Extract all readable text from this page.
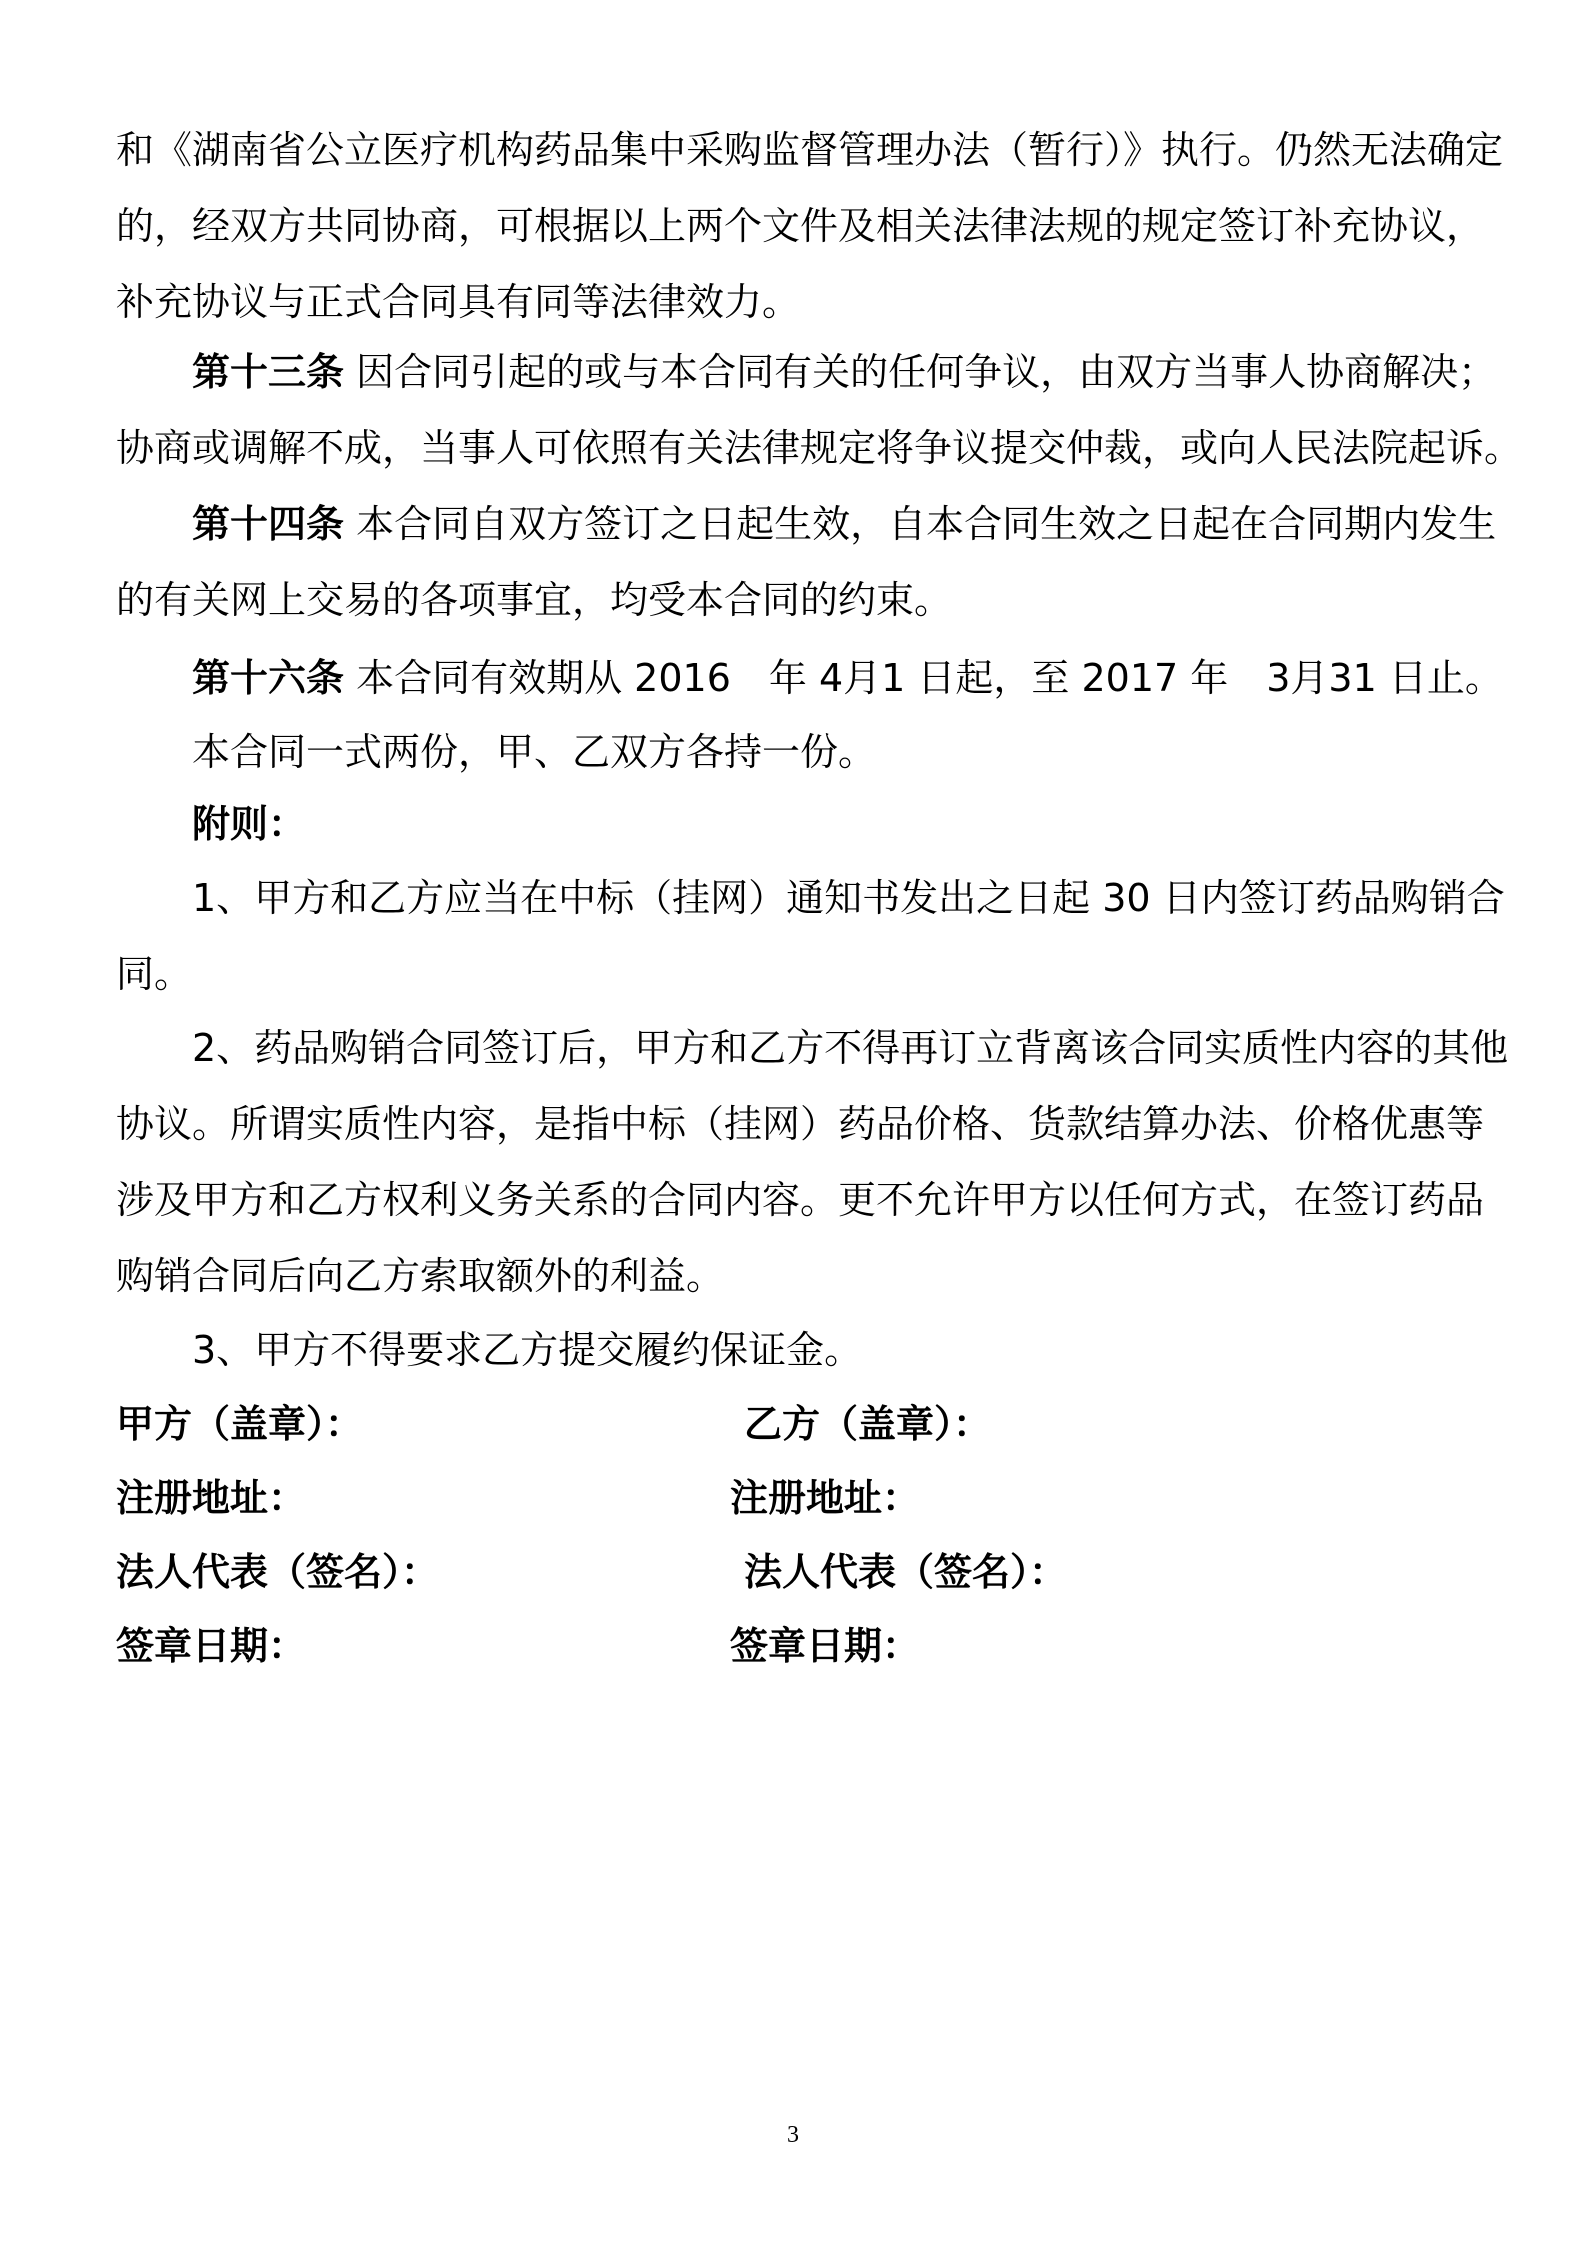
和《湖南省公立医疗机构药品集中采购监督管理办法（暂行）》执行。仍然无法确定
的，经双方共同协商，可根据以上两个文件及相关法律法规的规定签订补充协议，
补充协议与正式合同具有同等法律效力。
第十三条 因合同引起的或与本合同有关的任何争议，由双方当事人协商解决；
协商或调解不成，当事人可依照有关法律规定将争议提交仲裁，或向人民法院起诉。
第十四条 本合同自双方签订之日起生效，自本合同生效之日起在合同期内发生
的有关网上交易的各项事宜，均受本合同的约束。
第十六条 本合同有效期从 2016　年 4月1 日起，至 2017 年　3月31 日止。
本合同一式两份，甲、乙双方各持一份。
附则：
1、甲方和乙方应当在中标（挂网）通知书发出之日起 30 日内签订药品购销合
同。
2、药品购销合同签订后，甲方和乙方不得再订立背离该合同实质性内容的其他
协议。所谓实质性内容，是指中标（挂网）药品价格、货款结算办法、价格优惠等
涉及甲方和乙方权利义务关系的合同内容。更不允许甲方以任何方式，在签订药品
购销合同后向乙方索取额外的利益。
3、甲方不得要求乙方提交履约保证金。
甲方（盖章）：	乙方（盖章）：
注册地址：	注册地址：
法人代表（签名）：	法人代表（签名）：
签章日期：	签章日期：
3
